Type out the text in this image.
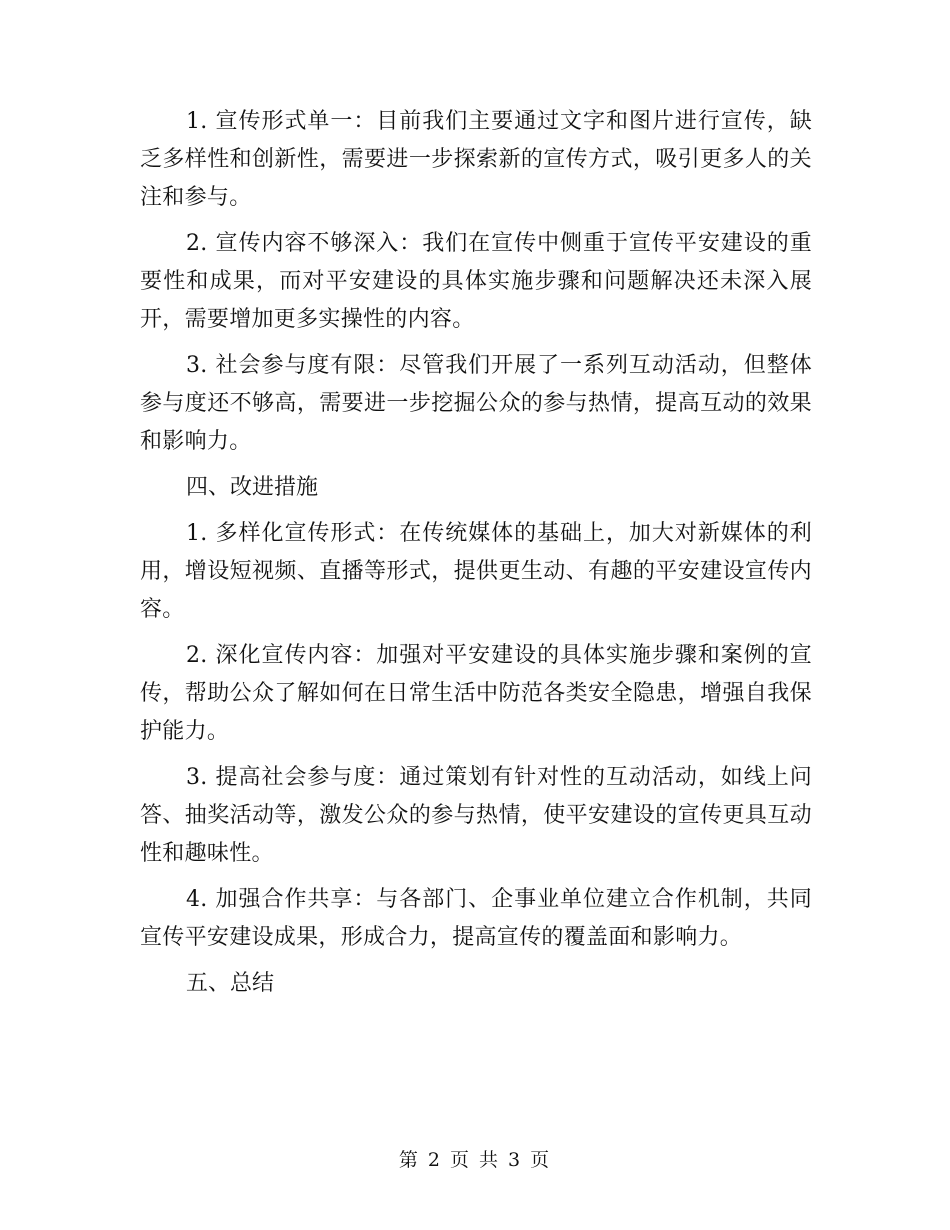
1. 宣传形式单一：目前我们主要通过文字和图片进行宣传，缺乏多样性和创新性，需要进一步探索新的宣传方式，吸引更多人的关注和参与。

2. 宣传内容不够深入：我们在宣传中侧重于宣传平安建设的重要性和成果，而对平安建设的具体实施步骤和问题解决还未深入展开，需要增加更多实操性的内容。

3. 社会参与度有限：尽管我们开展了一系列互动活动，但整体参与度还不够高，需要进一步挖掘公众的参与热情，提高互动的效果和影响力。

四、改进措施

1. 多样化宣传形式：在传统媒体的基础上，加大对新媒体的利用，增设短视频、直播等形式，提供更生动、有趣的平安建设宣传内容。

2. 深化宣传内容：加强对平安建设的具体实施步骤和案例的宣传，帮助公众了解如何在日常生活中防范各类安全隐患，增强自我保护能力。

3. 提高社会参与度：通过策划有针对性的互动活动，如线上问答、抽奖活动等，激发公众的参与热情，使平安建设的宣传更具互动性和趣味性。

4. 加强合作共享：与各部门、企事业单位建立合作机制，共同宣传平安建设成果，形成合力，提高宣传的覆盖面和影响力。

五、总结

第 2 页 共 3 页
